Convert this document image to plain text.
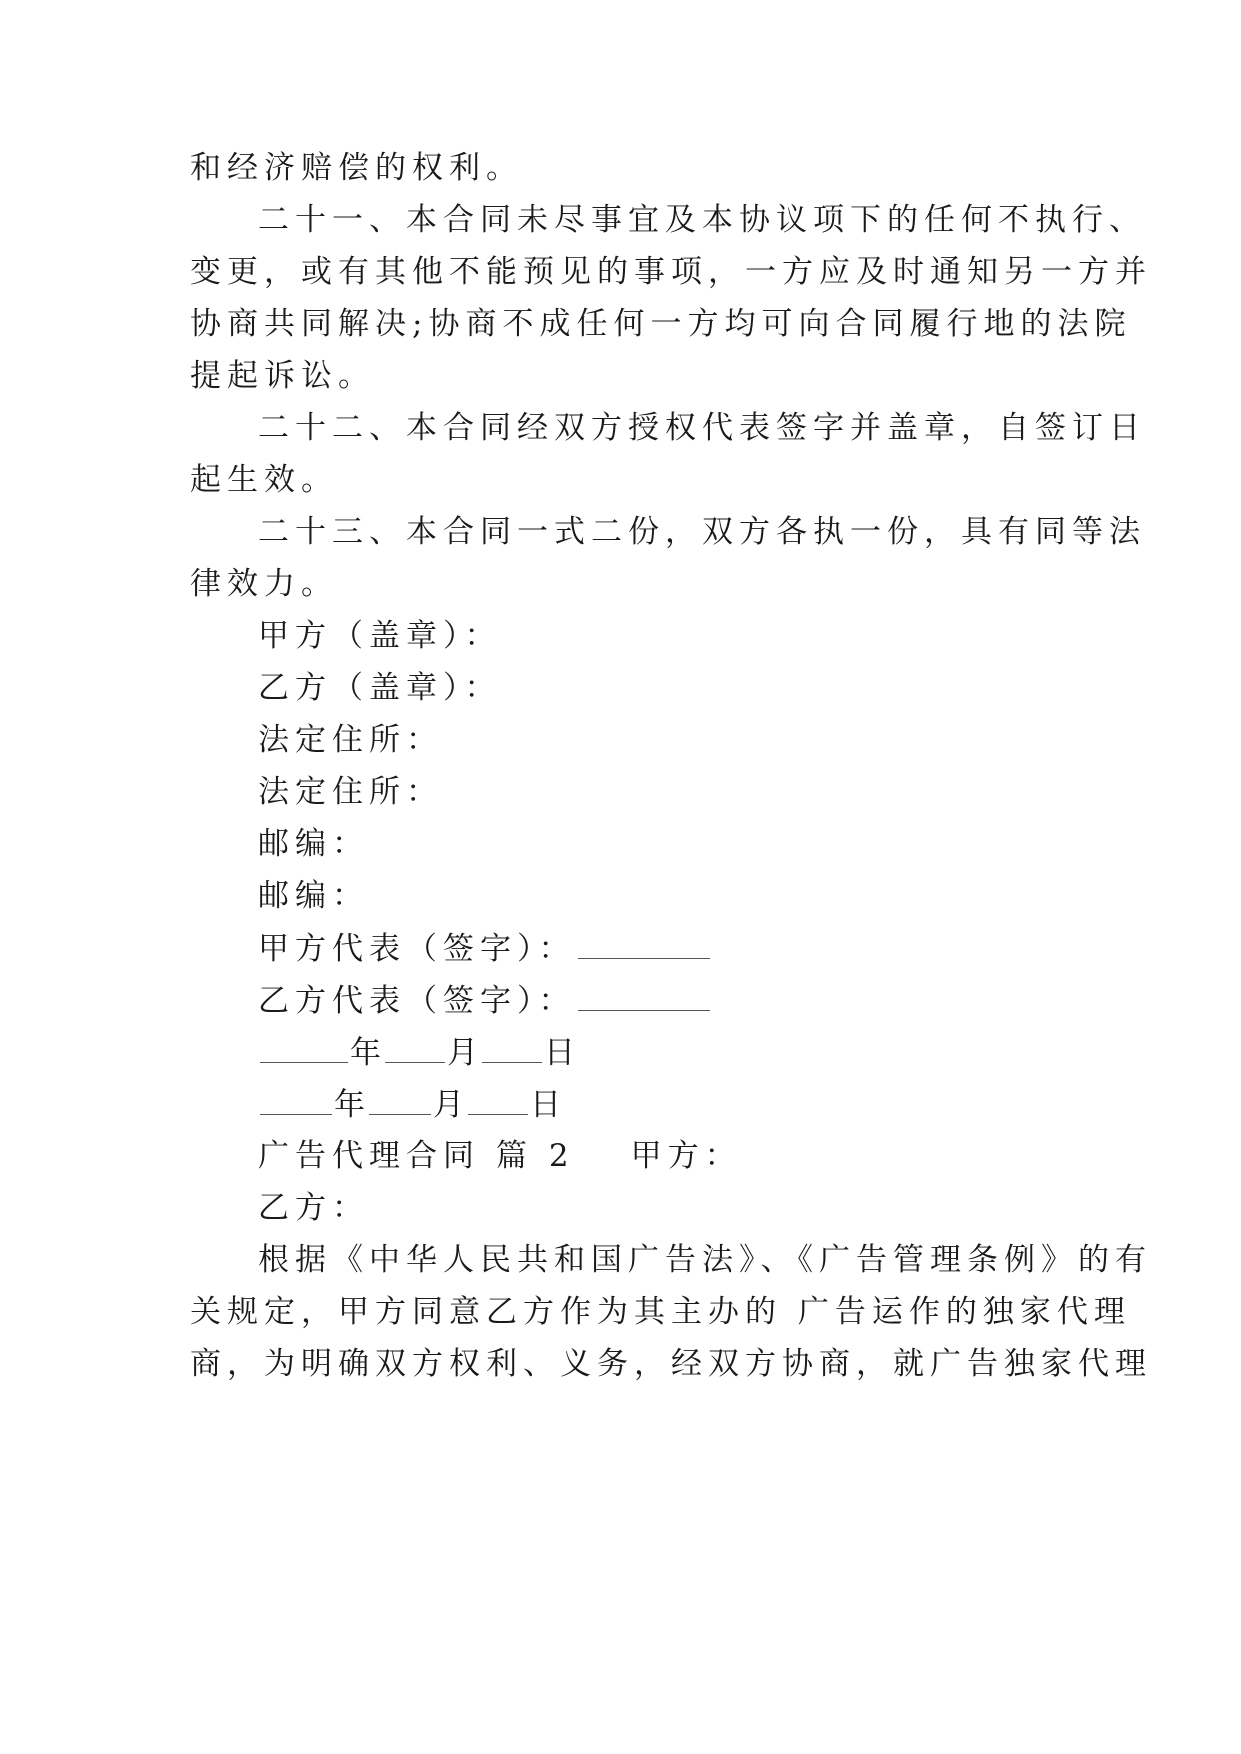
和经济赔偿的权利。
二十一、本合同未尽事宜及本协议项下的任何不执行、
变更，或有其他不能预见的事项，一方应及时通知另一方并
协商共同解决;协商不成任何一方均可向合同履行地的法院
提起诉讼。
二十二、本合同经双方授权代表签字并盖章，自签订日
起生效。
二十三、本合同一式二份，双方各执一份，具有同等法
律效力。
甲方（盖章）：
乙方（盖章）：
法定住所：
法定住所：
邮编：
邮编：
甲方代表（签字）：
乙方代表（签字）：
年 月 日
年 月 日
广告代理合同 篇 2 甲方：
乙方：
根据《中华人民共和国广告法》、《广告管理条例》的有
关规定，甲方同意乙方作为其主办的 广告运作的独家代理
商，为明确双方权利、义务，经双方协商，就广告独家代理
